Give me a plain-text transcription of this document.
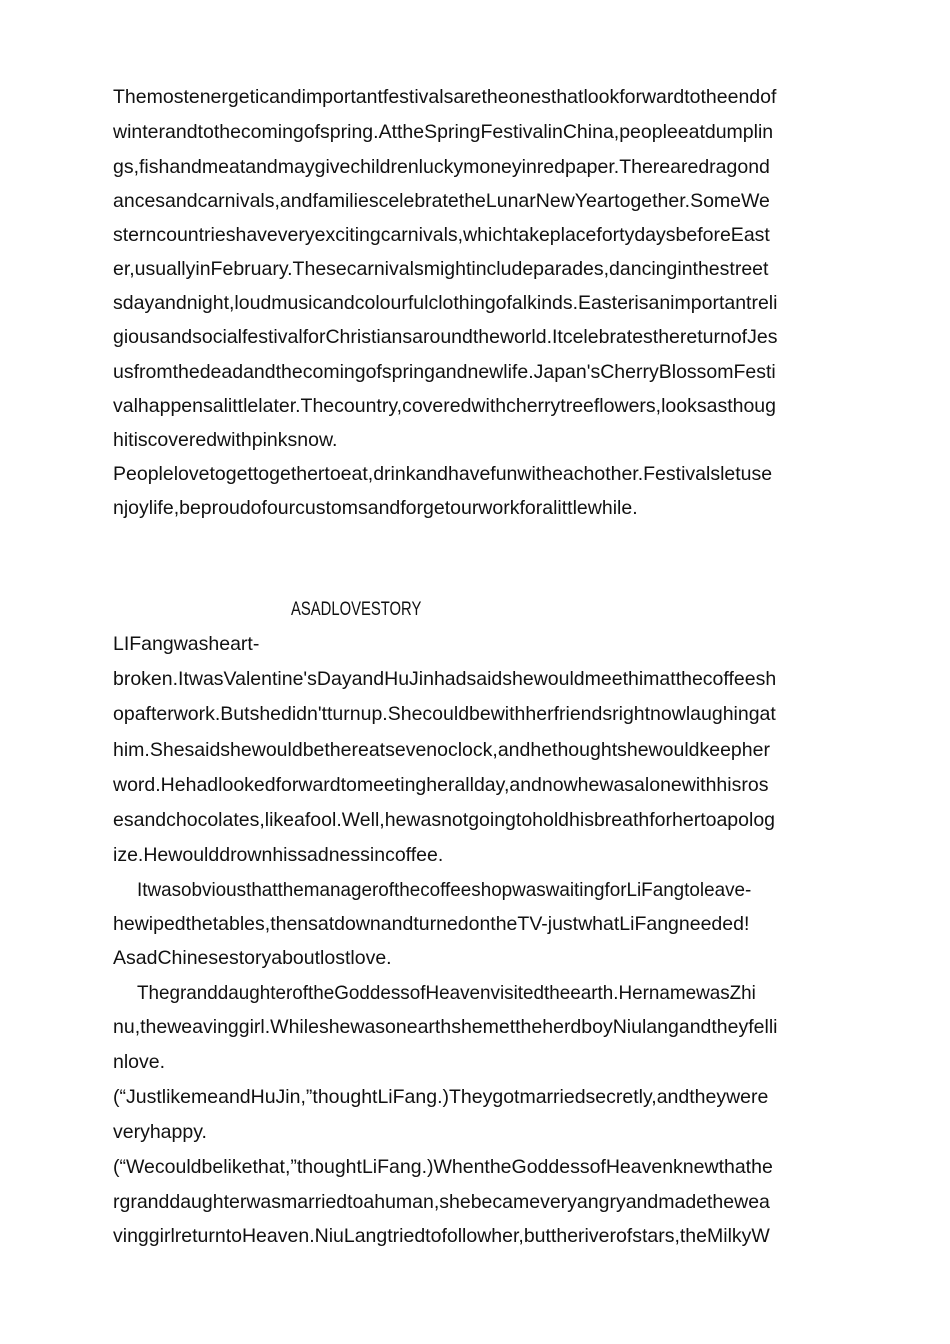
Themostenergeticandimportantfestivalsaretheonesthatlookforwardtotheendof
winterandtothecomingofspring.AttheSpringFestivalinChina,peopleeatdumplin
gs,fishandmeatandmaygivechildrenluckymoneyinredpaper.Therearedragond
ancesandcarnivals,andfamiliescelebratetheLunarNewYeartogether.SomeWe
sterncountrieshaveveryexcitingcarnivals,whichtakeplacefortydaysbeforeEast
er,usuallyinFebruary.Thesecarnivalsmightincludeparades,dancinginthestreet
sdayandnight,loudmusicandcolourfulclothingofalkinds.Easterisanimportantreli
giousandsocialfestivalforChristiansaroundtheworld.ItcelebratesthereturnofJes
usfromthedeadandthecomingofspringandnewlife.Japan'sCherryBlossomFesti
valhappensalittlelater.Thecountry,coveredwithcherrytreeflowers,looksasthoug
hitiscoveredwithpinksnow.
Peoplelovetogettogethertoeat,drinkandhavefunwitheachother.Festivalsletuse
njoylife,beproudofourcustomsandforgetourworkforalittlewhile.
ASADLOVESTORY
LIFangwasheart-
broken.ItwasValentine'sDayandHuJinhadsaidshewouldmeethimatthecoffeesh
opafterwork.Butshedidn'tturnup.Shecouldbewithherfriendsrightnowlaughingat
him.Shesaidshewouldbethereatsevenoclock,andhethoughtshewouldkeepher
word.Hehadlookedforwardtomeetingherallday,andnowhewasalonewithhisros
esandchocolates,likeafool.Well,hewasnotgoingtoholdhisbreathforhertoapolog
ize.Hewoulddrownhissadnessincoffee.
ItwasobviousthatthemanagerofthecoffeeshopwaswaitingforLiFangtoleave-
hewipedthetables,thensatdownandturnedontheTV-justwhatLiFangneeded!
AsadChinesestoryaboutlostlove.
ThegranddaughteroftheGoddessofHeavenvisitedtheearth.HernamewasZhi
nu,theweavinggirl.WhileshewasonearthshemettheherdboyNiulangandtheyfelli
nlove.
(“JustlikemeandHuJin,”thoughtLiFang.)Theygotmarriedsecretly,andtheywere
veryhappy.
(“Wecouldbelikethat,”thoughtLiFang.)WhentheGoddessofHeavenknewthathe
rgranddaughterwasmarriedtoahuman,shebecameveryangryandmadethewea
vinggirlreturntoHeaven.NiuLangtriedtofollowher,buttheriverofstars,theMilkyW
